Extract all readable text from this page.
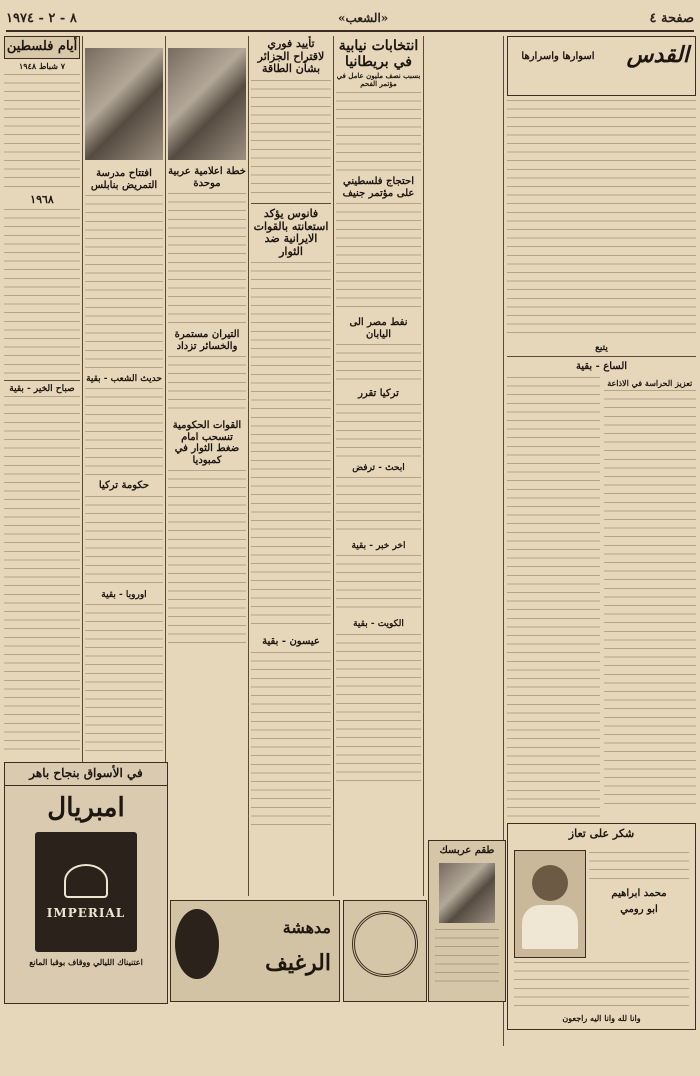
٨ - ٢ - ١٩٧٤	«الشعب»	صفحة ٤
أيام فلسطين
٧ شباط ١٩٤٨
١٩٦٨
صباح الخير - بقية
افتتاح مدرسة التمريض بنابلس
حديث الشعب - بقية
حكومة تركيا
اوروبا - بقية
خطة اعلامية عربية موحدة
التيران مستمرة والخسائر تزداد
القوات الحكومية تنسحب امام ضغط الثوار في كمبوديا
تأييد فوري لاقتراح الجزائر بشأن الطاقة
فانوس يؤكد استعانته بالقوات الايرانية ضد الثوار
عيسون - بقية
انتخابات نيابية في بريطانيا
بسبب نصف مليون عامل في مؤتمر الفحم
احتجاج فلسطيني على مؤتمر جنيف
نفط مصر الى اليابان
تركيا تقرر
ابحث - ترفض
اخر خبر - بقية
الكويت - بقية
القدس
اسوارها واسرارها
يتبع
الساع - بقية
تعزيز الحراسة في الاذاعة
شكر على تعاز
محمد ابراهيم
ابو رومي
وانا لله وانا اليه راجعون
في الأسواق بنجاح باهر
امبريال
IMPERIAL
اعتنيناك الليالي ووقاف بوقبا المانع
مدهشة
الرغيف
طقم عربسك
